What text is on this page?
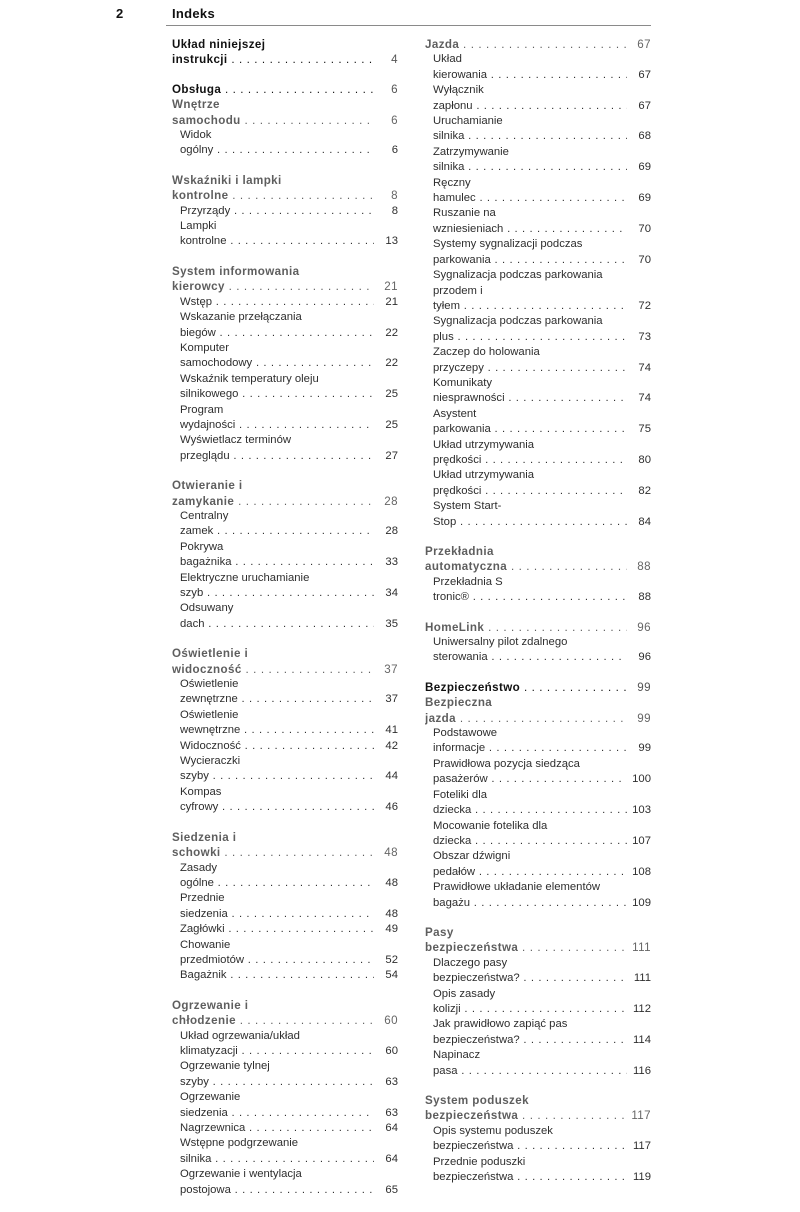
2	Indeks
Układ niniejszej instrukcji . . .	4
Obsługa . . .	6
Wnętrze samochodu . . .	6
Widok ogólny . . .	6
Wskaźniki i lampki kontrolne . . .	8
Przyrządy . . .	8
Lampki kontrolne . . .	13
System informowania
kierowcy . . .	21
Wstęp . . .	21
Wskazanie przełączania biegów . . .	22
Komputer samochodowy . . .	22
Wskaźnik temperatury oleju
silnikowego . . .	25
Program wydajności . . .	25
Wyświetlacz terminów przeglądu . . .	27
Otwieranie i zamykanie . . .	28
Centralny zamek . . .	28
Pokrywa bagażnika . . .	33
Elektryczne uruchamianie szyb . . .	34
Odsuwany dach . . .	35
Oświetlenie i widoczność . . .	37
Oświetlenie zewnętrzne . . .	37
Oświetlenie wewnętrzne . . .	41
Widoczność . . .	42
Wycieraczki szyby . . .	44
Kompas cyfrowy . . .	46
Siedzenia i schowki . . .	48
Zasady ogólne . . .	48
Przednie siedzenia . . .	48
Zagłówki . . .	49
Chowanie przedmiotów . . .	52
Bagażnik . . .	54
Ogrzewanie i chłodzenie . . .	60
Układ ogrzewania/układ klimatyzacji . . .	60
Ogrzewanie tylnej szyby . . .	63
Ogrzewanie siedzenia . . .	63
Nagrzewnica . . .	64
Wstępne podgrzewanie silnika . . .	64
Ogrzewanie i wentylacja postojowa . . .	65
Jazda . . .	67
Układ kierowania . . .	67
Wyłącznik zapłonu . . .	67
Uruchamianie silnika . . .	68
Zatrzymywanie silnika . . .	69
Ręczny hamulec . . .	69
Ruszanie na wzniesieniach . . .	70
Systemy sygnalizacji podczas
parkowania . . .	70
Sygnalizacja podczas parkowania
przodem i tyłem . . .	72
Sygnalizacja podczas parkowania plus . . .	73
Zaczep do holowania przyczepy . . .	74
Komunikaty niesprawności . . .	74
Asystent parkowania . . .	75
Układ utrzymywania prędkości . . .	80
Układ utrzymywania prędkości . . .	82
System Start-Stop . . .	84
Przekładnia automatyczna . . .	88
Przekładnia S tronic® . . .	88
HomeLink . . .	96
Uniwersalny pilot zdalnego sterowania . . .	96
Bezpieczeństwo . . .	99
Bezpieczna jazda . . .	99
Podstawowe informacje . . .	99
Prawidłowa pozycja siedząca
pasażerów . . .	100
Foteliki dla dziecka . . .	103
Mocowanie fotelika dla dziecka . . .	107
Obszar dźwigni pedałów . . .	108
Prawidłowe układanie elementów
bagażu . . .	109
Pasy bezpieczeństwa . . .	111
Dlaczego pasy bezpieczeństwa? . . .	111
Opis zasady kolizji . . .	112
Jak prawidłowo zapiąć pas
bezpieczeństwa? . . .	114
Napinacz pasa . . .	116
System poduszek
bezpieczeństwa . . .	117
Opis systemu poduszek
bezpieczeństwa . . .	117
Przednie poduszki bezpieczeństwa . . .	119
